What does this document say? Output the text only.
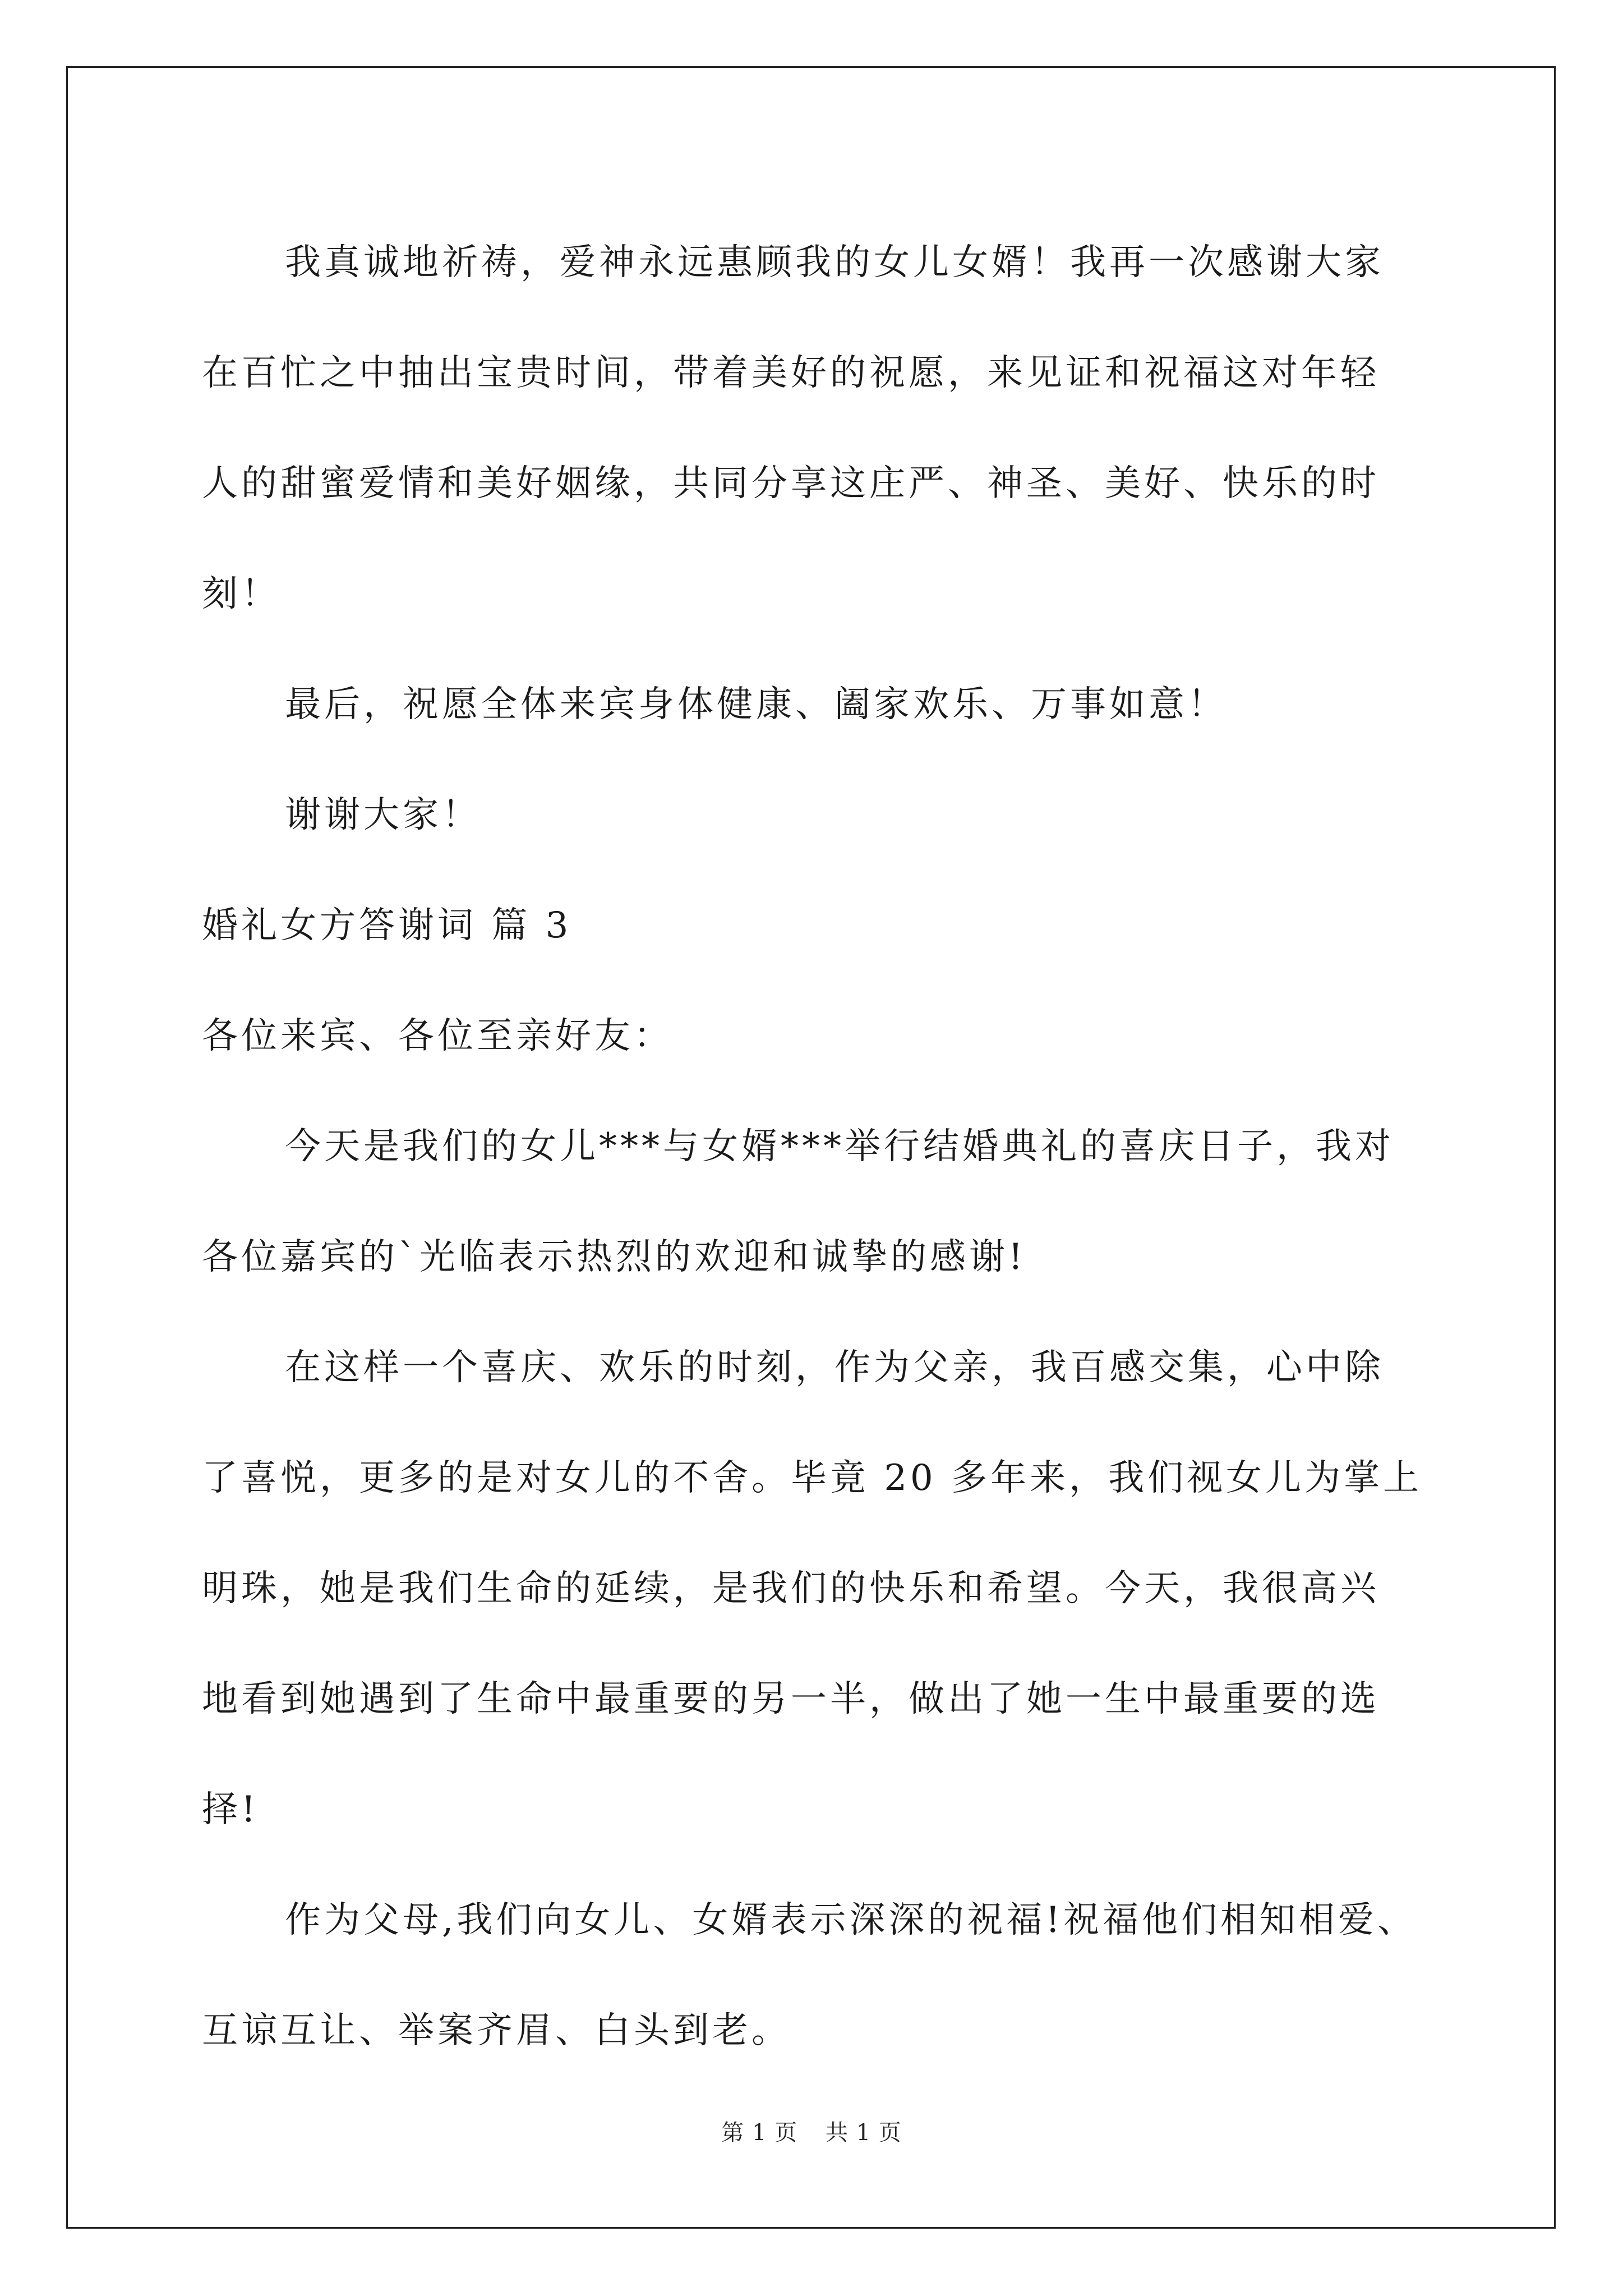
我真诚地祈祷，爱神永远惠顾我的女儿女婿！我再一次感谢大家
在百忙之中抽出宝贵时间，带着美好的祝愿，来见证和祝福这对年轻
人的甜蜜爱情和美好姻缘，共同分享这庄严、神圣、美好、快乐的时
刻！
最后，祝愿全体来宾身体健康、阖家欢乐、万事如意！
谢谢大家！
婚礼女方答谢词 篇 3
各位来宾、各位至亲好友：
今天是我们的女儿***与女婿***举行结婚典礼的喜庆日子，我对
各位嘉宾的`光临表示热烈的欢迎和诚挚的感谢!
在这样一个喜庆、欢乐的时刻，作为父亲，我百感交集，心中除
了喜悦，更多的是对女儿的不舍。毕竟 20 多年来，我们视女儿为掌上
明珠，她是我们生命的延续，是我们的快乐和希望。今天，我很高兴
地看到她遇到了生命中最重要的另一半，做出了她一生中最重要的选
择!
作为父母,我们向女儿、女婿表示深深的祝福!祝福他们相知相爱、
互谅互让、举案齐眉、白头到老。
第 1 页 共 1 页
